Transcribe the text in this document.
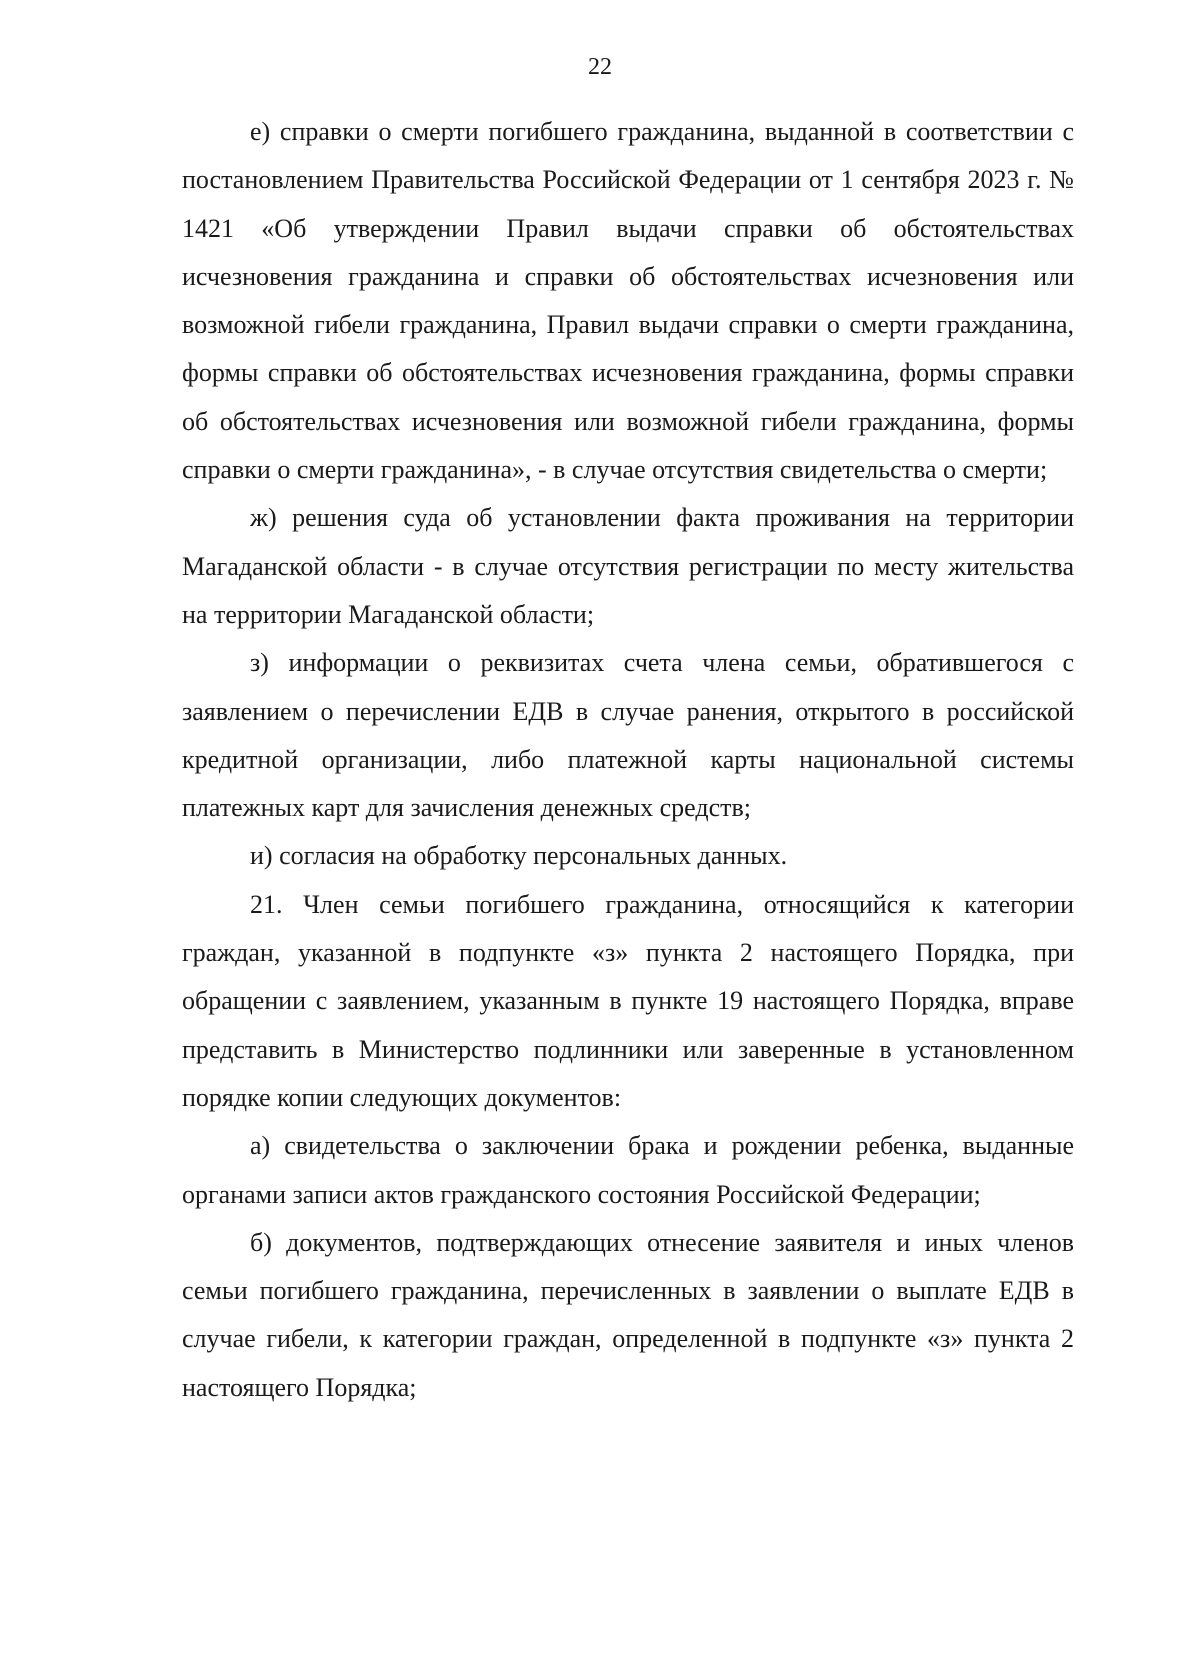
22

е) справки о смерти погибшего гражданина, выданной в соответствии с постановлением Правительства Российской Федерации от 1 сентября 2023 г. № 1421 «Об утверждении Правил выдачи справки об обстоятельствах исчезновения гражданина и справки об обстоятельствах исчезновения или возможной гибели гражданина, Правил выдачи справки о смерти гражданина, формы справки об обстоятельствах исчезновения гражданина, формы справки об обстоятельствах исчезновения или возможной гибели гражданина, формы справки о смерти гражданина», - в случае отсутствия свидетельства о смерти;

ж) решения суда об установлении факта проживания на территории Магаданской области - в случае отсутствия регистрации по месту жительства на территории Магаданской области;

з) информации о реквизитах счета члена семьи, обратившегося с заявлением о перечислении ЕДВ в случае ранения, открытого в российской кредитной организации, либо платежной карты национальной системы платежных карт для зачисления денежных средств;

и) согласия на обработку персональных данных.

21. Член семьи погибшего гражданина, относящийся к категории граждан, указанной в подпункте «з» пункта 2 настоящего Порядка, при обращении с заявлением, указанным в пункте 19 настоящего Порядка, вправе представить в Министерство подлинники или заверенные в установленном порядке копии следующих документов:

а) свидетельства о заключении брака и рождении ребенка, выданные органами записи актов гражданского состояния Российской Федерации;

б) документов, подтверждающих отнесение заявителя и иных членов семьи погибшего гражданина, перечисленных в заявлении о выплате ЕДВ в случае гибели, к категории граждан, определенной в подпункте «з» пункта 2 настоящего Порядка;
